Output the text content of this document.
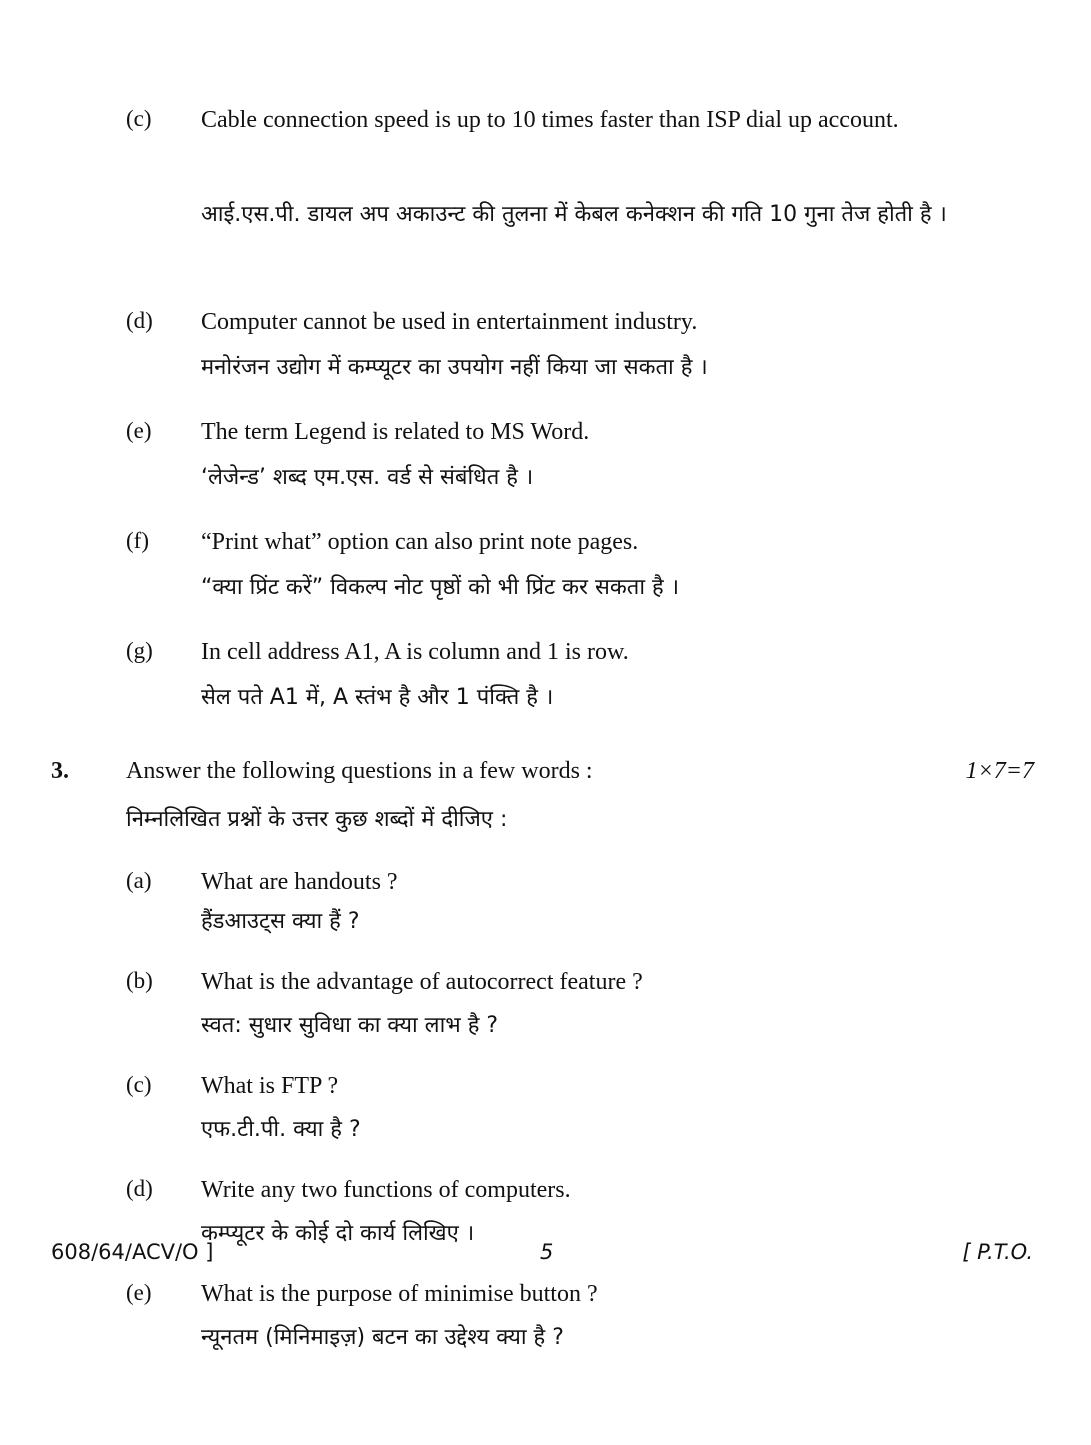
(c) Cable connection speed is up to 10 times faster than ISP dial up account.
आई.एस.पी. डायल अप अकाउन्ट की तुलना में केबल कनेक्शन की गति 10 गुना तेज होती है ।
(d) Computer cannot be used in entertainment industry.
मनोरंजन उद्योग में कम्प्यूटर का उपयोग नहीं किया जा सकता है ।
(e) The term Legend is related to MS Word.
‘लेजेन्ड’ शब्द एम.एस. वर्ड से संबंधित है ।
(f) “Print what” option can also print note pages.
“क्या प्रिंट करें” विकल्प नोट पृष्ठों को भी प्रिंट कर सकता है ।
(g) In cell address A1, A is column and 1 is row.
सेल पते A1 में, A स्तंभ है और 1 पंक्ति है ।
3. Answer the following questions in a few words :	1×7=7
निम्नलिखित प्रश्नों के उत्तर कुछ शब्दों में दीजिए :
(a) What are handouts ?
हैंडआउट्स क्या हैं ?
(b) What is the advantage of autocorrect feature ?
स्वत: सुधार सुविधा का क्या लाभ है ?
(c) What is FTP ?
एफ.टी.पी. क्या है ?
(d) Write any two functions of computers.
कम्प्यूटर के कोई दो कार्य लिखिए ।
(e) What is the purpose of minimise button ?
न्यूनतम (मिनिमाइज़) बटन का उद्देश्य क्या है ?
608/64/ACV/O ]	5	[ P.T.O.
